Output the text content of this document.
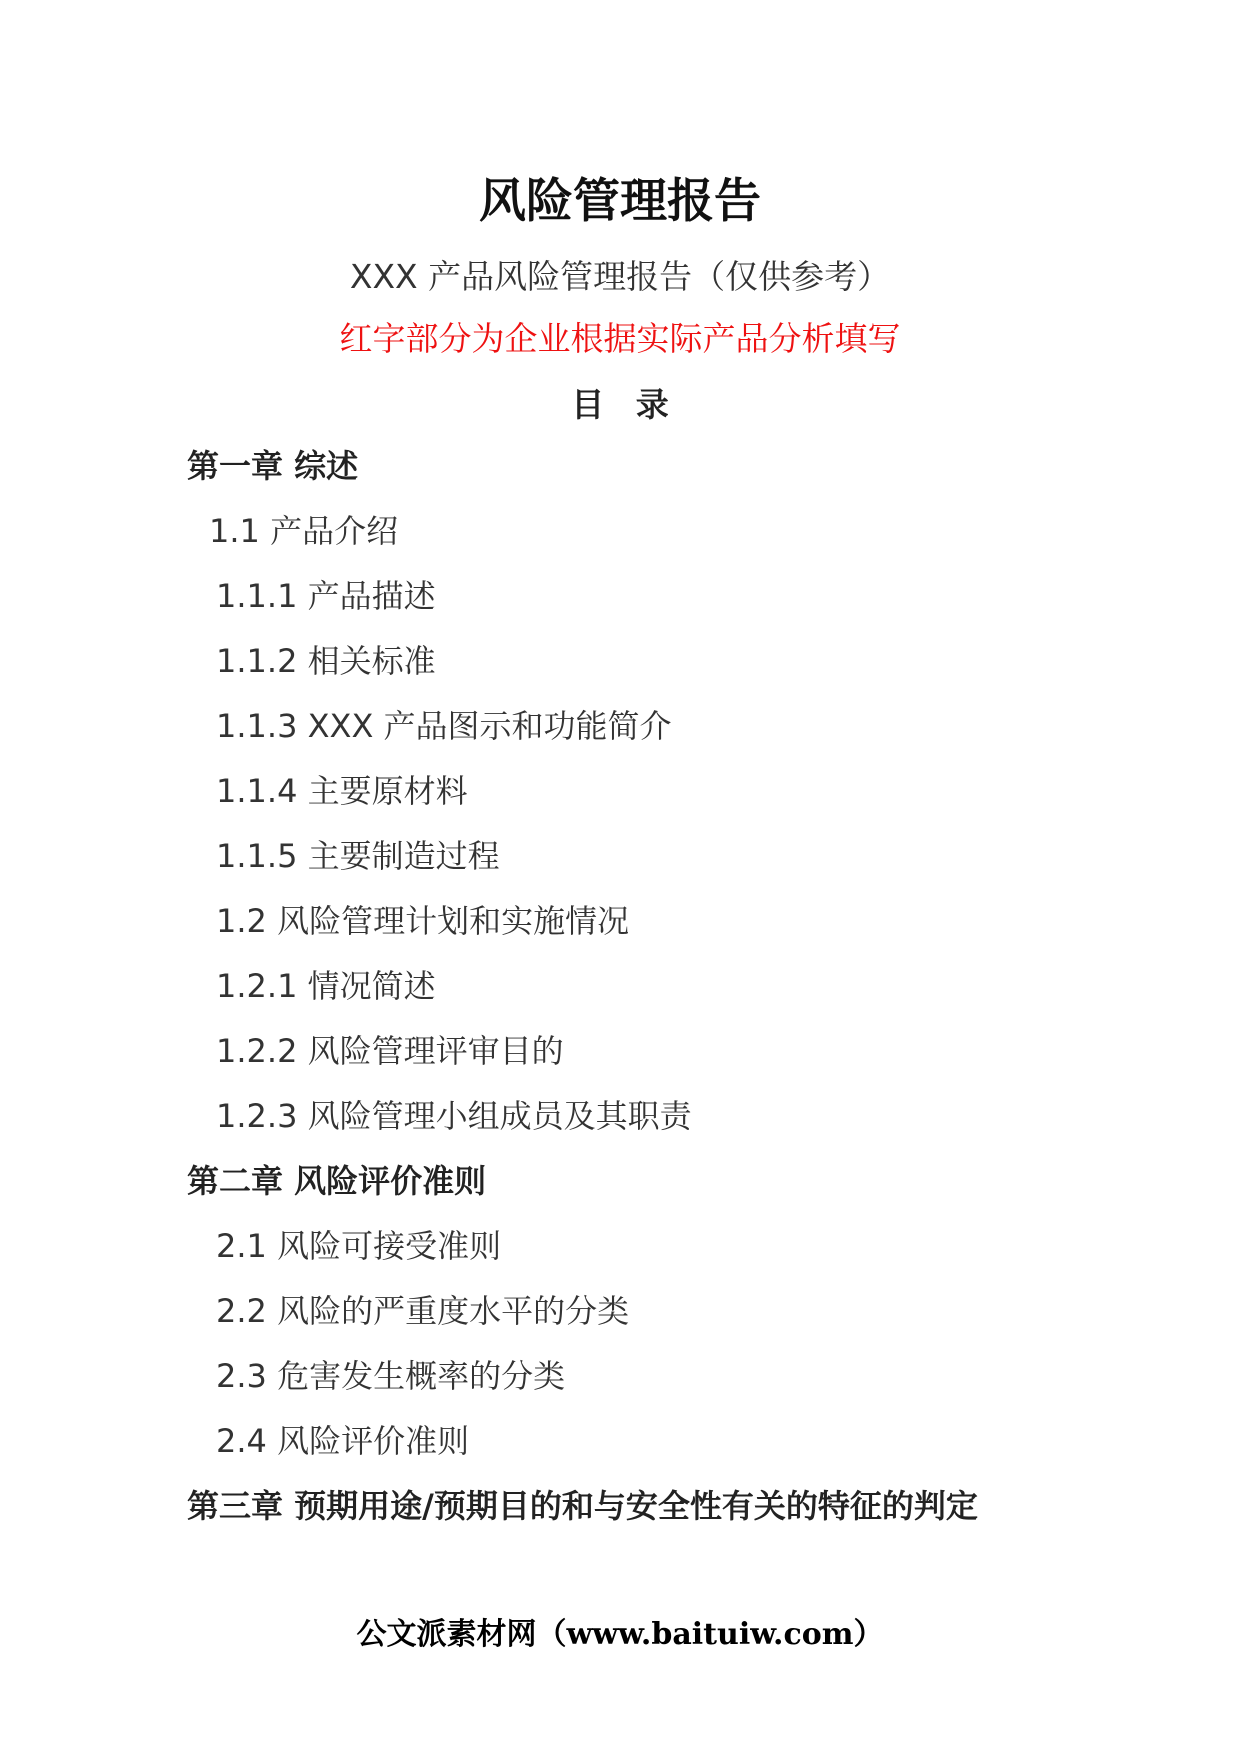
风险管理报告
XXX 产品风险管理报告（仅供参考）
红字部分为企业根据实际产品分析填写
目 录
第一章 综述
1.1 产品介绍
1.1.1 产品描述
1.1.2 相关标准
1.1.3 XXX 产品图示和功能简介
1.1.4 主要原材料
1.1.5 主要制造过程
1.2 风险管理计划和实施情况
1.2.1 情况简述
1.2.2 风险管理评审目的
1.2.3 风险管理小组成员及其职责
第二章 风险评价准则
2.1 风险可接受准则
2.2 风险的严重度水平的分类
2.3 危害发生概率的分类
2.4 风险评价准则
第三章 预期用途/预期目的和与安全性有关的特征的判定
公文派素材网（www.baituiw.com）
